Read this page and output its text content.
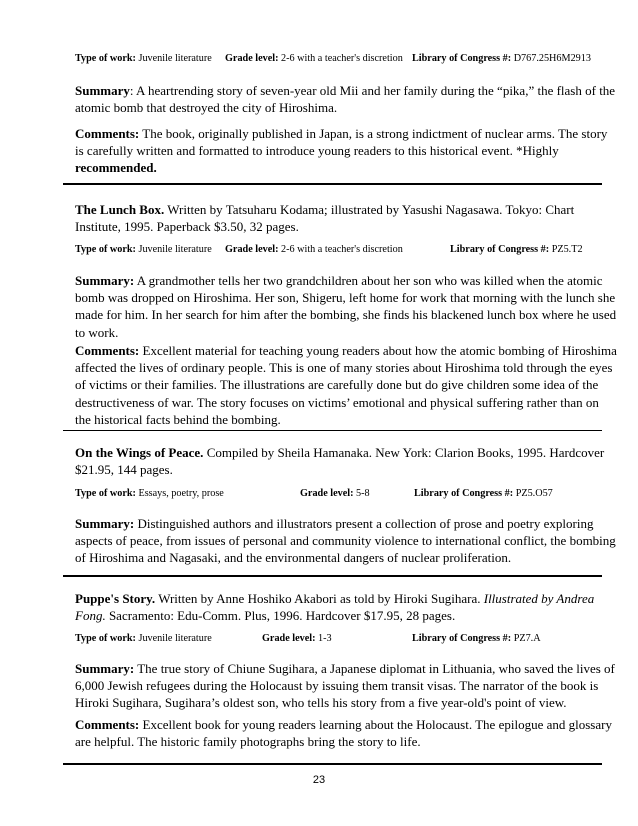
Type of work: Juvenile literature Grade level: 2-6 with a teacher's discretion Library of Congress #: D767.25H6M2913
Summary: A heartrending story of seven-year old Mii and her family during the “pika,” the flash of the
atomic bomb that destroyed the city of Hiroshima.
Comments: The book, originally published in Japan, is a strong indictment of nuclear arms. The story
is carefully written and formatted to introduce young readers to this historical event. *Highly
recommended.
The Lunch Box. Written by Tatsuharu Kodama; illustrated by Yasushi Nagasawa. Tokyo: Chart
Institute, 1995. Paperback $3.50, 32 pages.
Type of work: Juvenile literature Grade level: 2-6 with a teacher's discretion	Library of Congress #: PZ5.T2
Summary: A grandmother tells her two grandchildren about her son who was killed when the atomic
bomb was dropped on Hiroshima. Her son, Shigeru, left home for work that morning with the lunch she
made for him. In her search for him after the bombing, she finds his blackened lunch box where he used
to work.
Comments: Excellent material for teaching young readers about how the atomic bombing of Hiroshima
affected the lives of ordinary people. This is one of many stories about Hiroshima told through the eyes
of victims or their families. The illustrations are carefully done but do give children some idea of the
destructiveness of war. The story focuses on victims’ emotional and physical suffering rather than on
the historical facts behind the bombing.
On the Wings of Peace. Compiled by Sheila Hamanaka. New York: Clarion Books, 1995. Hardcover
$21.95, 144 pages.
Type of work: Essays, poetry, prose	Grade level: 5-8	Library of Congress #: PZ5.O57
Summary: Distinguished authors and illustrators present a collection of prose and poetry exploring
aspects of peace, from issues of personal and community violence to international conflict, the bombing
of Hiroshima and Nagasaki, and the environmental dangers of nuclear proliferation.
Puppe's Story. Written by Anne Hoshiko Akabori as told by Hiroki Sugihara. Illustrated by Andrea
Fong. Sacramento: Edu-Comm. Plus, 1996. Hardcover $17.95, 28 pages.
Type of work: Juvenile literature	Grade level: 1-3	Library of Congress #: PZ7.A
Summary: The true story of Chiune Sugihara, a Japanese diplomat in Lithuania, who saved the lives of
6,000 Jewish refugees during the Holocaust by issuing them transit visas. The narrator of the book is
Hiroki Sugihara, Sugihara’s oldest son, who tells his story from a five year-old's point of view.
Comments: Excellent book for young readers learning about the Holocaust. The epilogue and glossary
are helpful. The historic family photographs bring the story to life.
23
